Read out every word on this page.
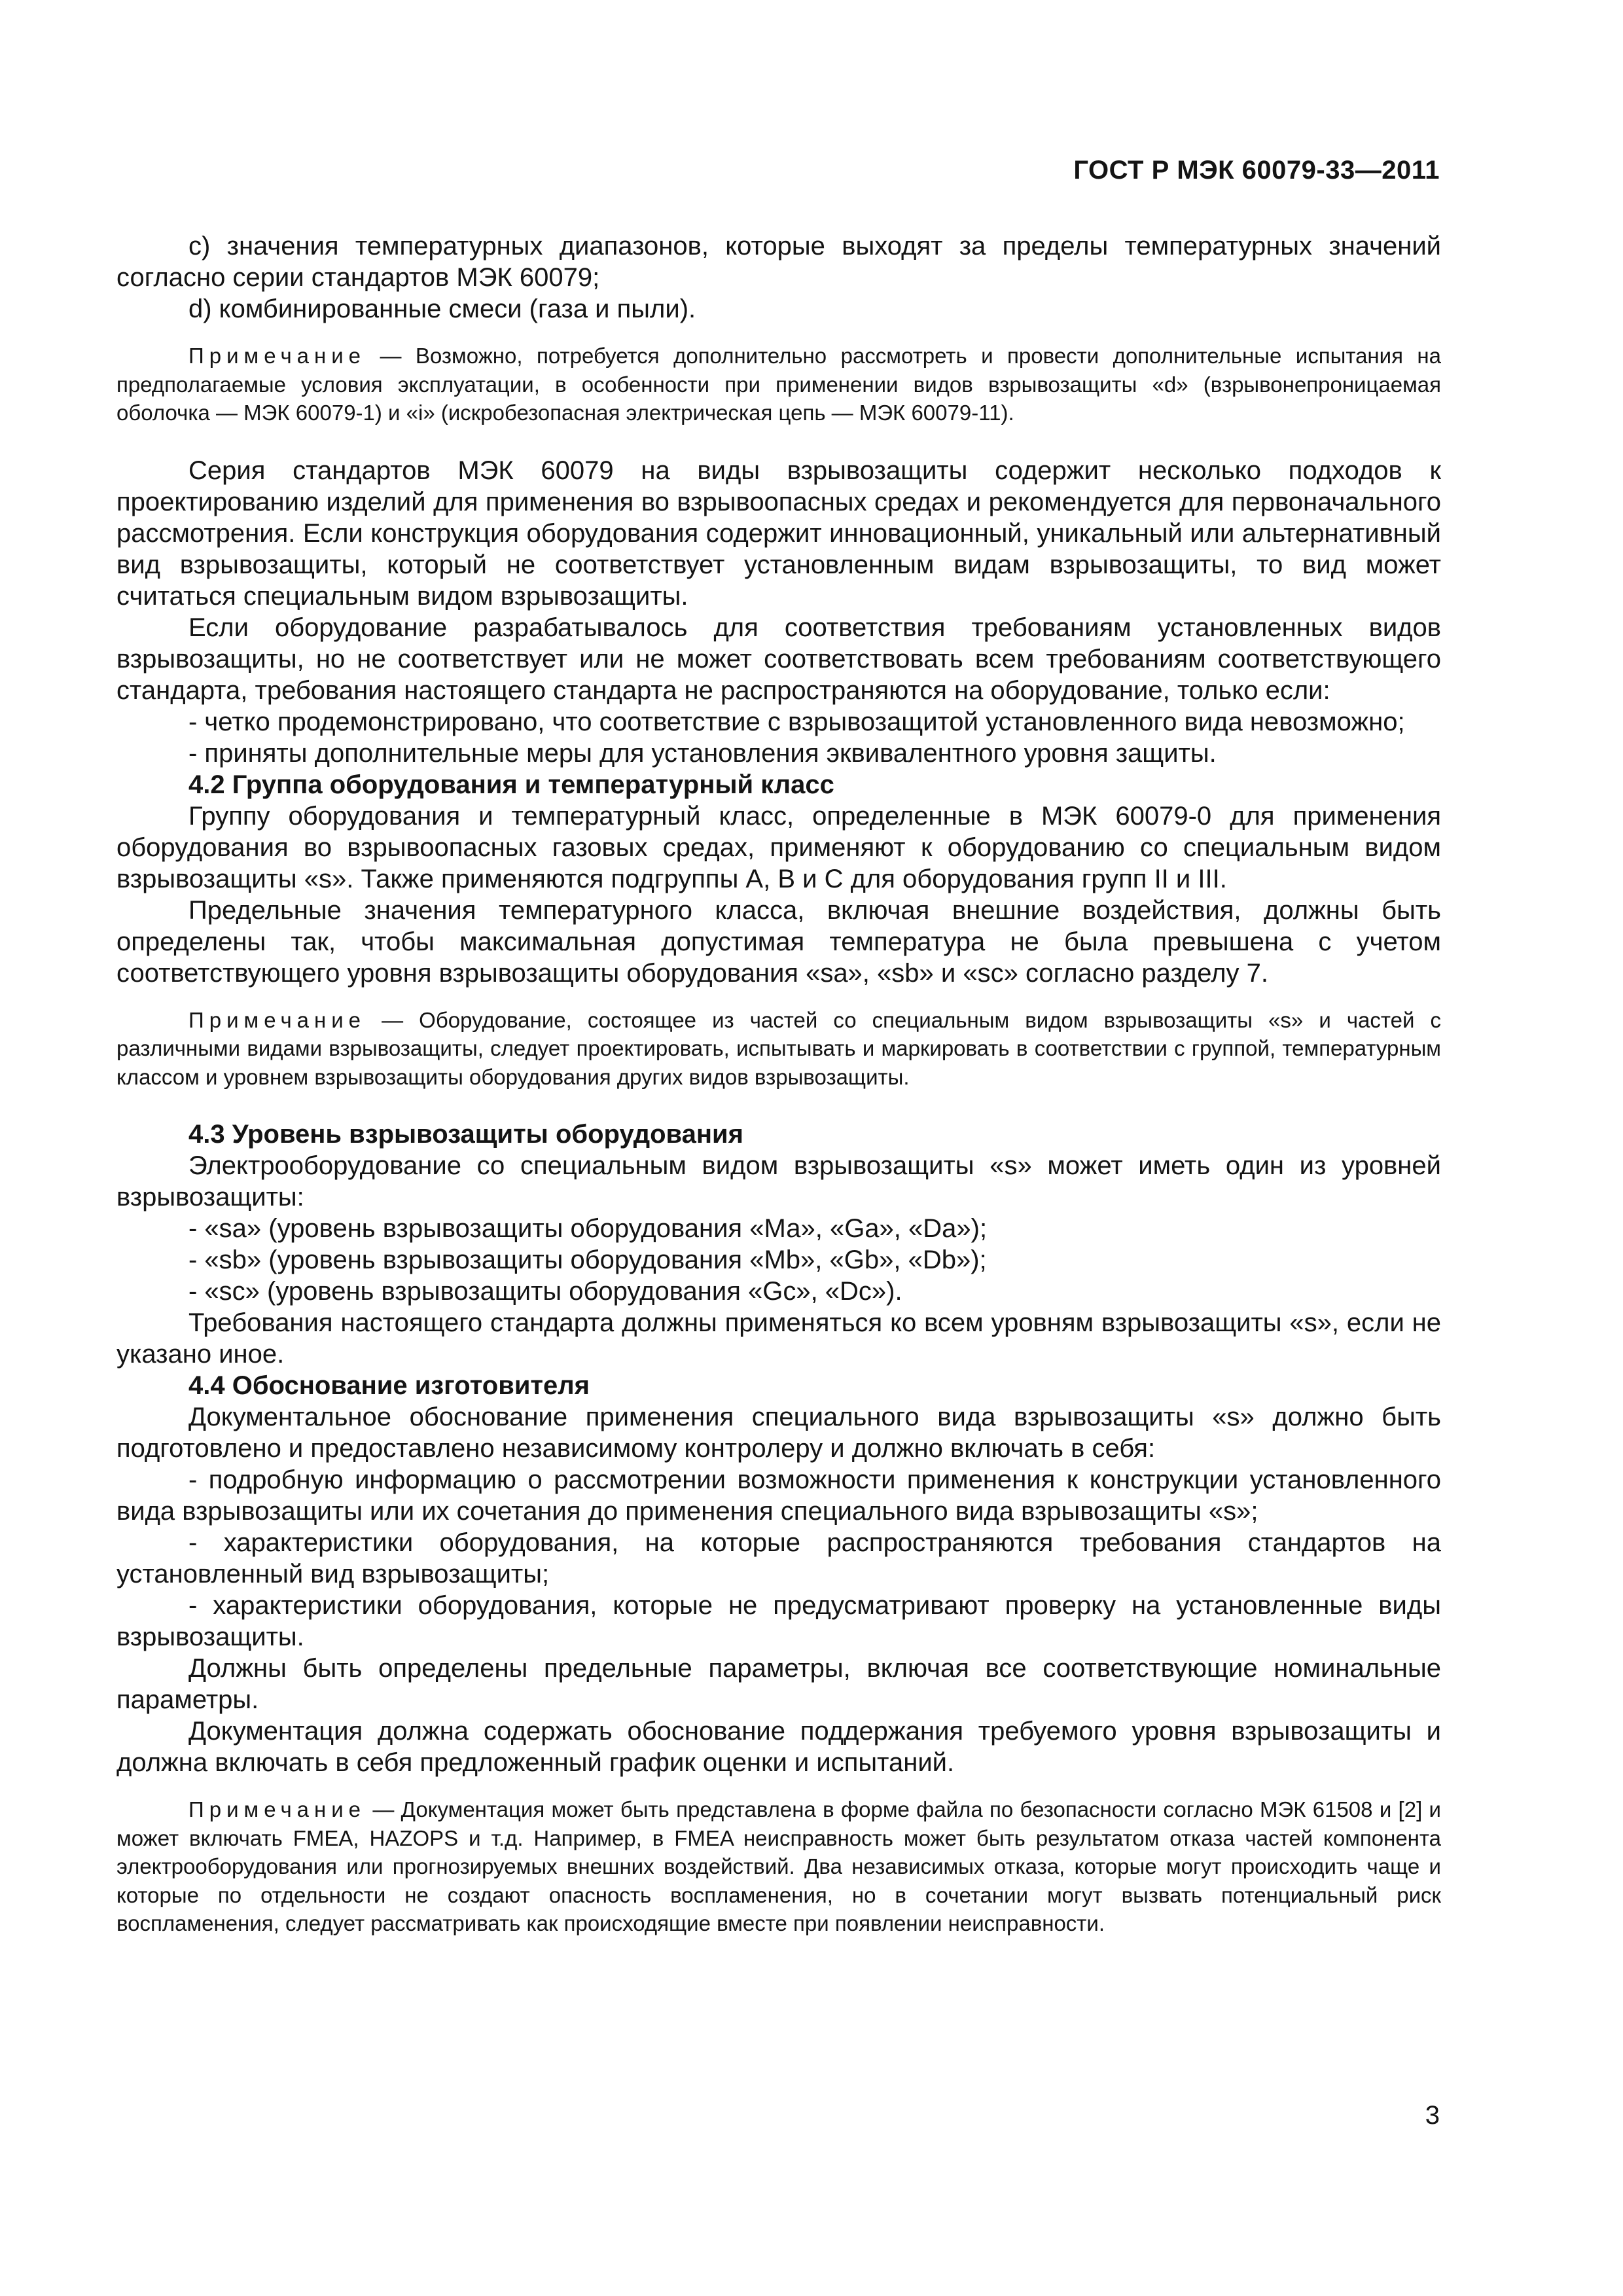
ГОСТ Р МЭК 60079-33—2011

с) значения температурных диапазонов, которые выходят за пределы температурных значений согласно серии стандартов МЭК 60079;

d) комбинированные смеси (газа и пыли).

Примечание — Возможно, потребуется дополнительно рассмотреть и провести дополнительные испытания на предполагаемые условия эксплуатации, в особенности при применении видов взрывозащиты «d» (взрывонепроницаемая оболочка — МЭК 60079-1) и «i» (искробезопасная электрическая цепь — МЭК 60079-11).

Серия стандартов МЭК 60079 на виды взрывозащиты содержит несколько подходов к проектированию изделий для применения во взрывоопасных средах и рекомендуется для первоначального рассмотрения. Если конструкция оборудования содержит инновационный, уникальный или альтернативный вид взрывозащиты, который не соответствует установленным видам взрывозащиты, то вид может считаться специальным видом взрывозащиты.

Если оборудование разрабатывалось для соответствия требованиям установленных видов взрывозащиты, но не соответствует или не может соответствовать всем требованиям соответствующего стандарта, требования настоящего стандарта не распространяются на оборудование, только если:

- четко продемонстрировано, что соответствие с взрывозащитой установленного вида невозможно;

- приняты дополнительные меры для установления эквивалентного уровня защиты.

4.2 Группа оборудования и температурный класс

Группу оборудования и температурный класс, определенные в МЭК 60079-0 для применения оборудования во взрывоопасных газовых средах, применяют к оборудованию со специальным видом взрывозащиты «s». Также применяются подгруппы А, В и С для оборудования групп II и III.

Предельные значения температурного класса, включая внешние воздействия, должны быть определены так, чтобы максимальная допустимая температура не была превышена с учетом соответствующего уровня взрывозащиты оборудования «sa», «sb» и «sc» согласно разделу 7.

Примечание — Оборудование, состоящее из частей со специальным видом взрывозащиты «s» и частей с различными видами взрывозащиты, следует проектировать, испытывать и маркировать в соответствии с группой, температурным классом и уровнем взрывозащиты оборудования других видов взрывозащиты.

4.3 Уровень взрывозащиты оборудования

Электрооборудование со специальным видом взрывозащиты «s» может иметь один из уровней взрывозащиты:

- «sa» (уровень взрывозащиты оборудования «Ма», «Ga», «Da»);

- «sb» (уровень взрывозащиты оборудования «Mb», «Gb», «Db»);

- «sc» (уровень взрывозащиты оборудования «Gc», «Dc»).

Требования настоящего стандарта должны применяться ко всем уровням взрывозащиты «s», если не указано иное.

4.4 Обоснование изготовителя

Документальное обоснование применения специального вида взрывозащиты «s» должно быть подготовлено и предоставлено независимому контролеру и должно включать в себя:

- подробную информацию о рассмотрении возможности применения к конструкции установленного вида взрывозащиты или их сочетания до применения специального вида взрывозащиты «s»;

- характеристики оборудования, на которые распространяются требования стандартов на установленный вид взрывозащиты;

- характеристики оборудования, которые не предусматривают проверку на установленные виды взрывозащиты.

Должны быть определены предельные параметры, включая все соответствующие номинальные параметры.

Документация должна содержать обоснование поддержания требуемого уровня взрывозащиты и должна включать в себя предложенный график оценки и испытаний.

Примечание — Документация может быть представлена в форме файла по безопасности согласно МЭК 61508 и [2] и может включать FMEA, HAZOPS и т.д. Например, в FMEA неисправность может быть результатом отказа частей компонента электрооборудования или прогнозируемых внешних воздействий. Два независимых отказа, которые могут происходить чаще и которые по отдельности не создают опасность воспламенения, но в сочетании могут вызвать потенциальный риск воспламенения, следует рассматривать как происходящие вместе при появлении неисправности.

3
